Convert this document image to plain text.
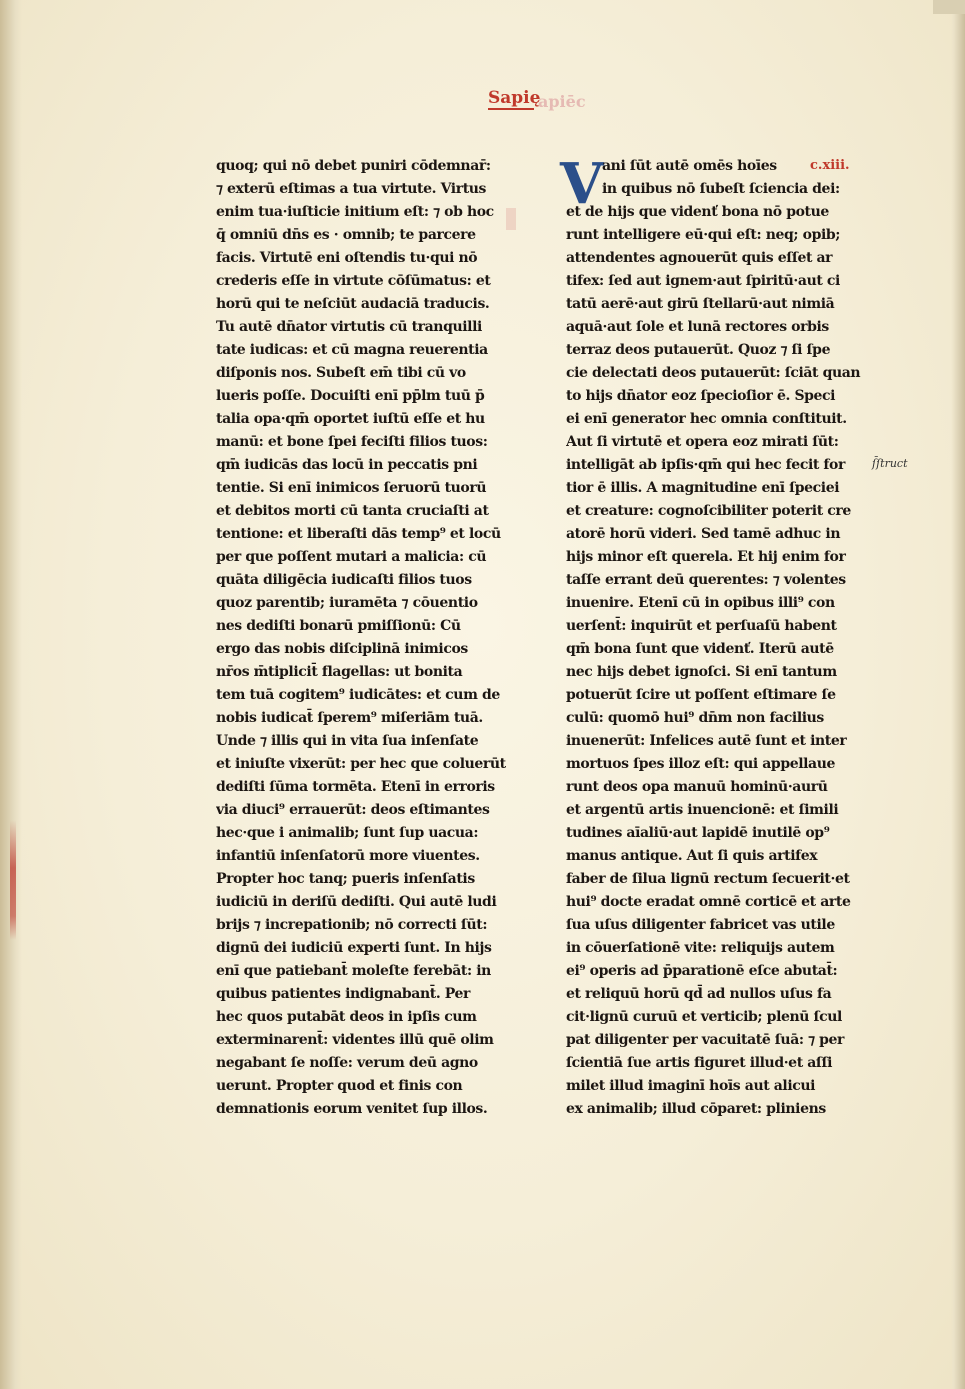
Sapię
apiēc
quoq; qui nō debet puniri cōdemnar̄:
⁊ exterū eſtimas a tua virtute. Virtus
enim tua·iuſticie initium eſt: ⁊ ob hoc
q̄ omniū dn̄s es · omnib; te parcere
facis. Virtutē eni oſtendis tu·qui nō
crederis eſſe in virtute cōſūmatus: et
horū qui te neſciūt audaciā traducis.
Tu autē dn̄ator virtutis cū tranquilli
tate iudicas: et cū magna reuerentia
diſponis nos. Subeſt em̄ tibi cū vo
lueris poſſe. Docuiſti enī pp̄lm tuū p̄
talia opa·qm̄ oportet iuſtū eſſe et hu
manū: et bone ſpei feciſti filios tuos:
qm̄ iudicās das locū in peccatis pni
tentie. Si enī inimicos ſeruorū tuorū
et debitos morti cū tanta cruciaſti at
tentione: et liberaſti dās temp⁹ et locū
per que poſſent mutari a malicia: cū
quāta diligēcia iudicaſti filios tuos
quoz parentib; iuramēta ⁊ cōuentio
nes dediſti bonarū pmiſſionū: Cū
ergo das nobis diſciplinā inimicos
nr̄os m̄tiplicit̄ flagellas: ut bonita
tem tuā cogitem⁹ iudicātes: et cum de
nobis iudicat̄ ſperem⁹ miſeriām tuā.
Unde ⁊ illis qui in vita ſua inſenſate
et iniuſte vixerūt: per hec que coluerūt
dediſti ſūma tormēta. Etenī in erroris
via diuci⁹ errauerūt: deos eſtimantes
hec·que i animalib; ſunt ſup uacua:
infantiū inſenſatorū more viuentes.
Propter hoc tanq; pueris inſenſatis
iudiciū in deriſū dediſti. Qui autē ludi
brijs ⁊ increpationib; nō correcti ſūt:
dignū dei iudiciū experti ſunt. In hijs
enī que patiebant̄ moleſte ferebāt: in
quibus patientes indignabant̄. Per
hec quos putabāt deos in ipſis cum
exterminarent̄: videntes illū quē olim
negabant ſe noſſe: verum deū agno
uerunt. Propter quod et finis con
demnationis eorum venitet ſup illos.
V
ani ſūt autē omēs hoīes
in quibus nō ſubeſt ſciencia dei:
et de hijs que videnť bona nō potue
runt intelligere eū·qui eſt: neq; opib;
attendentes agnouerūt quis eſſet ar
tifex: ſed aut ignem·aut ſpiritū·aut ci
tatū aerē·aut girū ſtellarū·aut nimiā
aquā·aut ſole et lunā rectores orbis
terraz deos putauerūt. Quoz ⁊ ſi ſpe
cie delectati deos putauerūt: ſciāt quan
to hijs dn̄ator eoz ſpecioſior ē. Speci
ei enī generator hec omnia conſtituit.
Aut ſi virtutē et opera eoz mirati ſūt:
intelligāt ab ipſis·qm̄ qui hec fecit for
tior ē illis. A magnitudine enī ſpeciei
et creature: cognoſcibiliter poterit cre
atorē horū videri. Sed tamē adhuc in
hijs minor eſt querela. Et hij enim for
taſſe errant deū querentes: ⁊ volentes
inuenire. Etenī cū in opibus illi⁹ con
uerſent̄: inquirūt et perſuaſū habent
qm̄ bona ſunt que videnť. Iterū autē
nec hijs debet ignoſci. Si enī tantum
potuerūt ſcire ut poſſent eſtimare ſe
culū: quomō hui⁹ dn̄m non facilius
inuenerūt: Infelices autē ſunt et inter
mortuos ſpes illoz eſt: qui appellaue
runt deos opa manuū hominū·aurū
et argentū artis inuencionē: et ſimili
tudines aīaliū·aut lapidē inutilē op⁹
manus antique. Aut ſi quis artifex
faber de ſilua lignū rectum ſecuerit·et
hui⁹ docte eradat omnē corticē et arte
ſua uſus diligenter fabricet vas utile
in cōuerſationē vite: reliquijs autem
ei⁹ operis ad p̄parationē eſce abutat̄:
et reliquū horū qd̄ ad nullos uſus fa
cit·lignū curuū et verticib; plenū ſcul
pat diligenter per vacuitatē ſuā: ⁊ per
ſcientiā ſue artis figuret illud·et aſſi
milet illud imaginī hoīs aut alicui
ex animalib; illud cōparet: pliniens
c.xiii.
ſ̄ſtruct
